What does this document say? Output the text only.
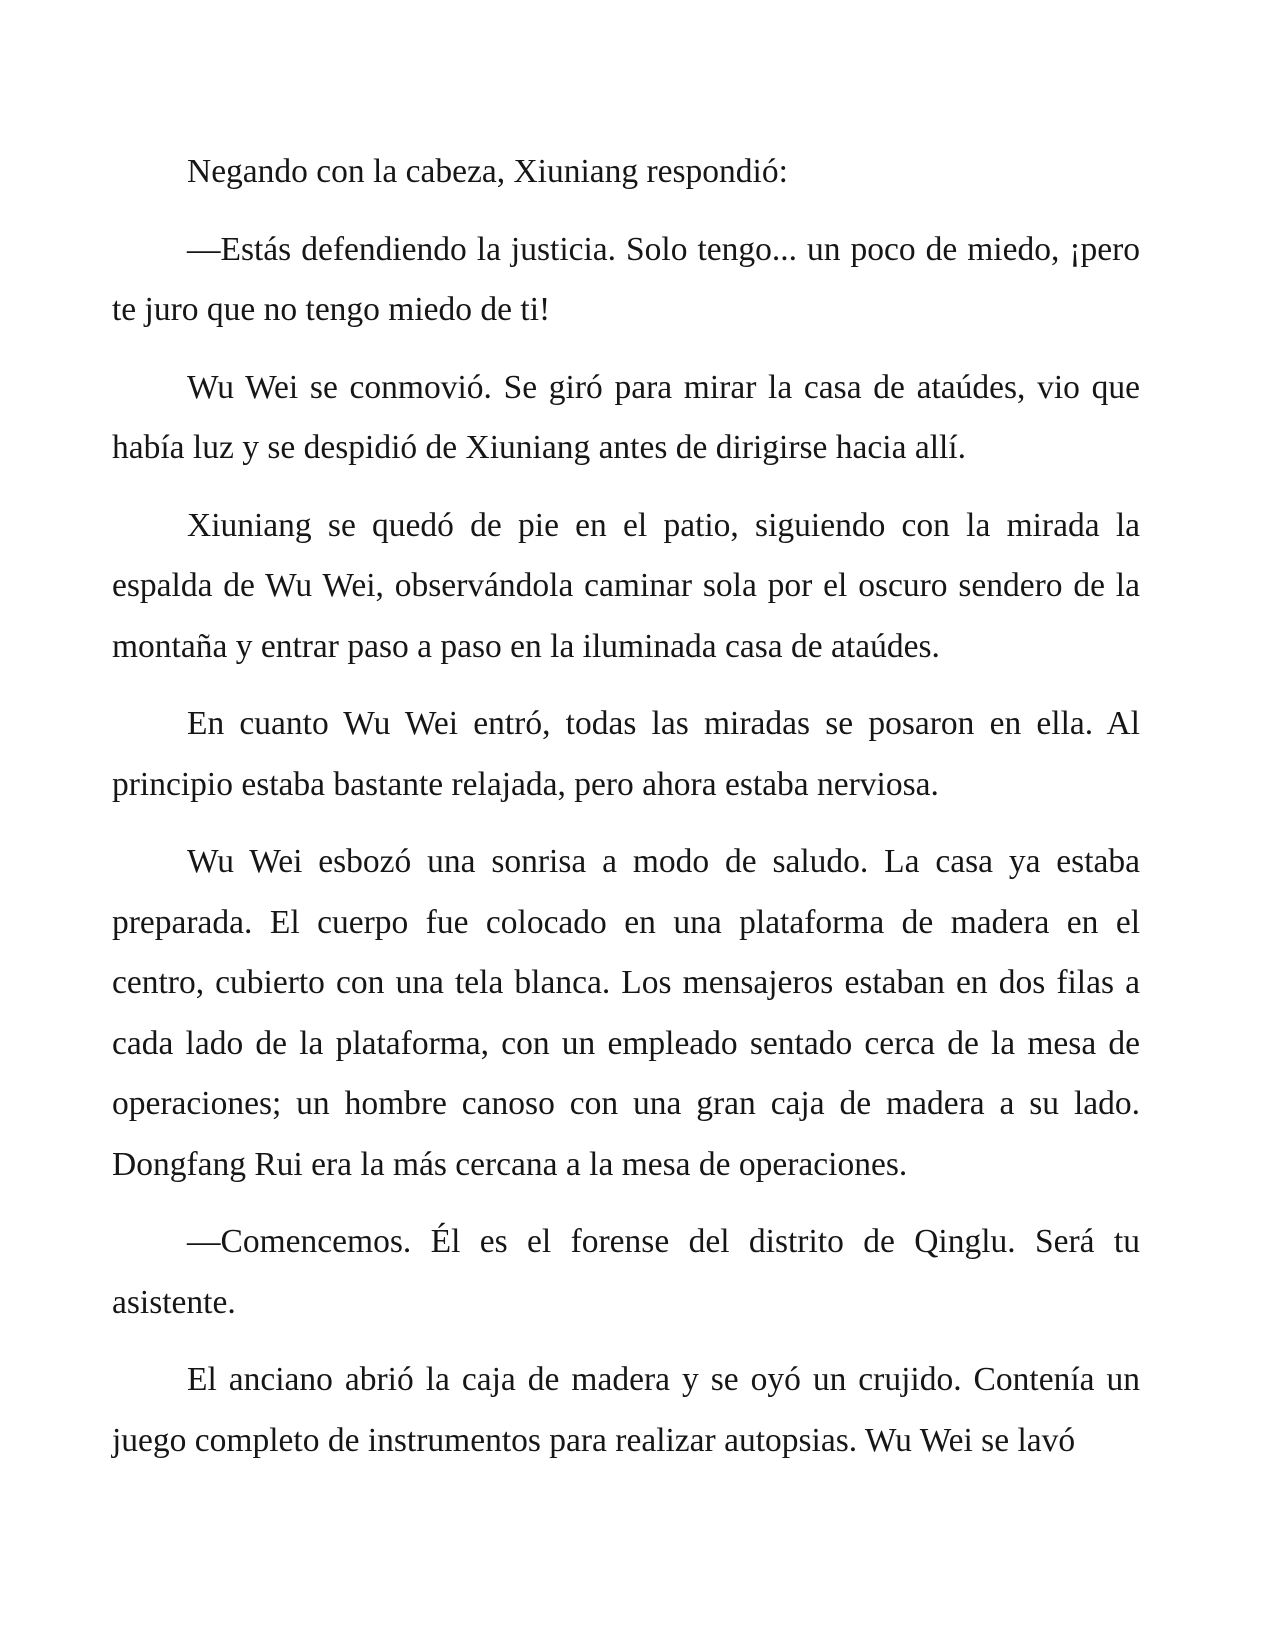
Negando con la cabeza, Xiuniang respondió:

—Estás defendiendo la justicia. Solo tengo... un poco de miedo, ¡pero te juro que no tengo miedo de ti!

Wu Wei se conmovió. Se giró para mirar la casa de ataúdes, vio que había luz y se despidió de Xiuniang antes de dirigirse hacia allí.

Xiuniang se quedó de pie en el patio, siguiendo con la mirada la espalda de Wu Wei, observándola caminar sola por el oscuro sendero de la montaña y entrar paso a paso en la iluminada casa de ataúdes.

En cuanto Wu Wei entró, todas las miradas se posaron en ella. Al principio estaba bastante relajada, pero ahora estaba nerviosa.

Wu Wei esbozó una sonrisa a modo de saludo. La casa ya estaba preparada. El cuerpo fue colocado en una plataforma de madera en el centro, cubierto con una tela blanca. Los mensajeros estaban en dos filas a cada lado de la plataforma, con un empleado sentado cerca de la mesa de operaciones; un hombre canoso con una gran caja de madera a su lado. Dongfang Rui era la más cercana a la mesa de operaciones.

—Comencemos. Él es el forense del distrito de Qinglu. Será tu asistente.

El anciano abrió la caja de madera y se oyó un crujido. Contenía un juego completo de instrumentos para realizar autopsias. Wu Wei se lavó
